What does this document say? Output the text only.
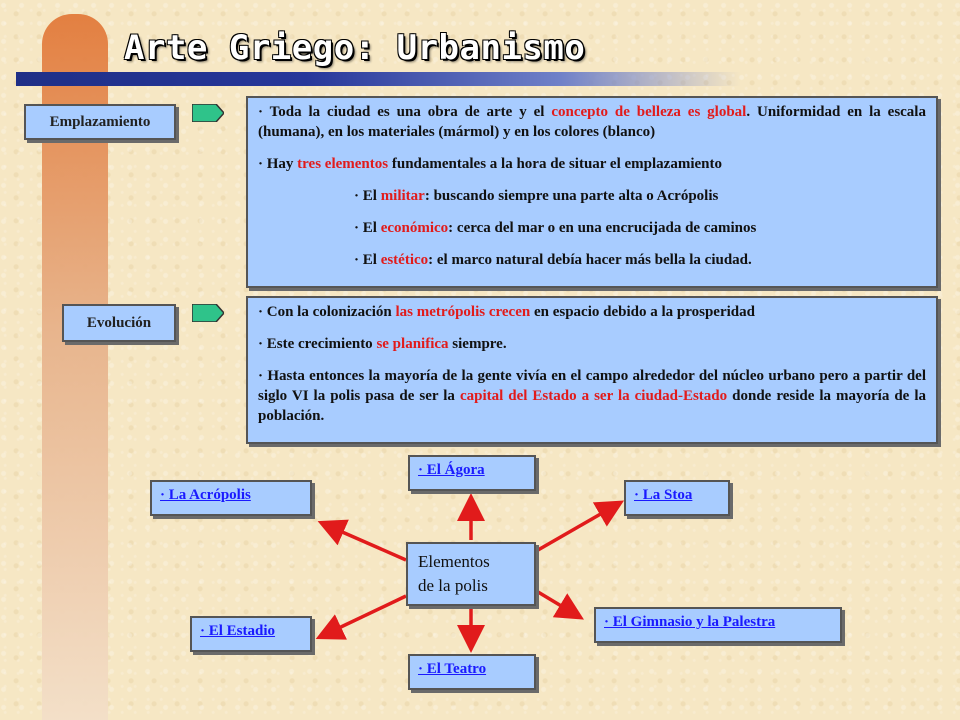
Arte Griego: Urbanismo
Emplazamiento

· Toda la ciudad es una obra de arte y el concepto de belleza es global. Uniformidad en la escala (humana), en los materiales (mármol) y en los colores (blanco)

· Hay tres elementos fundamentales a la hora de situar el emplazamiento

· El militar: buscando siempre una parte alta o Acrópolis

· El económico: cerca del mar o en una encrucijada de caminos

· El estético: el marco natural debía hacer más bella la ciudad.

Evolución

· Con la colonización las metrópolis crecen en espacio debido a la prosperidad

· Este crecimiento se planifica siempre.

· Hasta entonces la mayoría de la gente vivía en el campo alrededor del núcleo urbano pero a partir del siglo VI la polis pasa de ser la capital del Estado a ser la ciudad-Estado donde reside la mayoría de la población.

· El Ágora
· La Acrópolis	· La Stoa
· El Estadio
· El Gimnasio y la Palestra
· El Teatro
Elementos
de la polis
